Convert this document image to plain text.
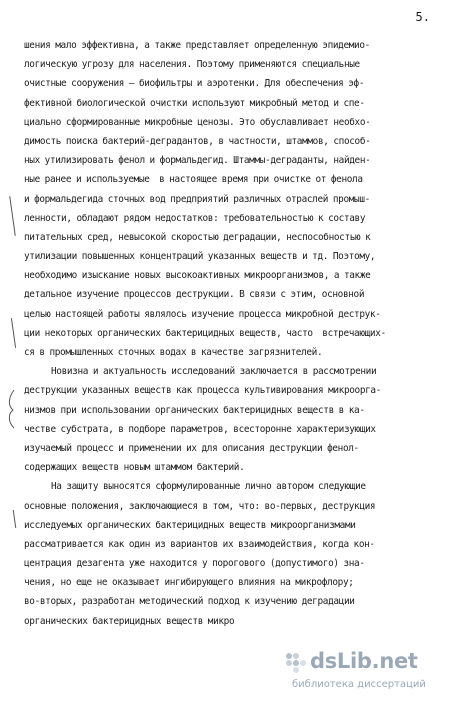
5.
шения мало эффективна, а также представляет определенную эпидемио-
логическую угрозу для населения. Поэтому применяются специальные
очистные сооружения – биофильтры и аэротенки. Для обеспечения эф-
фективной биологической очистки используют микробный метод и спе-
циально сформированные микробные ценозы. Это обуславливает необхо-
димость поиска бактерий-деградантов, в частности, штаммов, способ-
ных утилизировать фенол и формальдегид. Штаммы-деграданты, найден-
ные ранее и используемые  в настоящее время при очистке от фенола
и формальдегида сточных вод предприятий различных отраслей промыш-
ленности, обладают рядом недостатков: требовательностью к составу
питательных сред, невысокой скоростью деградации, неспособностью к
утилизации повышенных концентраций указанных веществ и тд. Поэтому,
необходимо изыскание новых высокоактивных микроорганизмов, а также
детальное изучение процессов деструкции. В связи с этим, основной
целью настоящей работы являлось изучение процесса микробной деструк-
ции некоторых органических бактерицидных веществ, часто  встречающих-
ся в промышленных сточных водах в качестве загрязнителей.
Новизна и актуальность исследований заключается в рассмотрении
деструкции указанных веществ как процесса культивирования микроорга-
низмов при использовании органических бактерицидных веществ в ка-
честве субстрата, в подборе параметров, всесторонне характеризующих
изучаемый процесс и применении их для описания деструкции фенол-
содержащих веществ новым штаммом бактерий.
На защиту выносятся сформулированные лично автором следующие
основные положения, заключающиеся в том, что: во-первых, деструкция
исследуемых органических бактерицидных веществ микроорганизмами
рассматривается как один из вариантов их взаимодействия, когда кон-
центрация дезагента уже находится у порогового (допустимого) зна-
чения, но еще не оказывает ингибирующего влияния на микрофлору;
во-вторых, разработан методический подход к изучению деградации
органических бактерицидных веществ микро
dsLib.net
библиотека диссертаций
